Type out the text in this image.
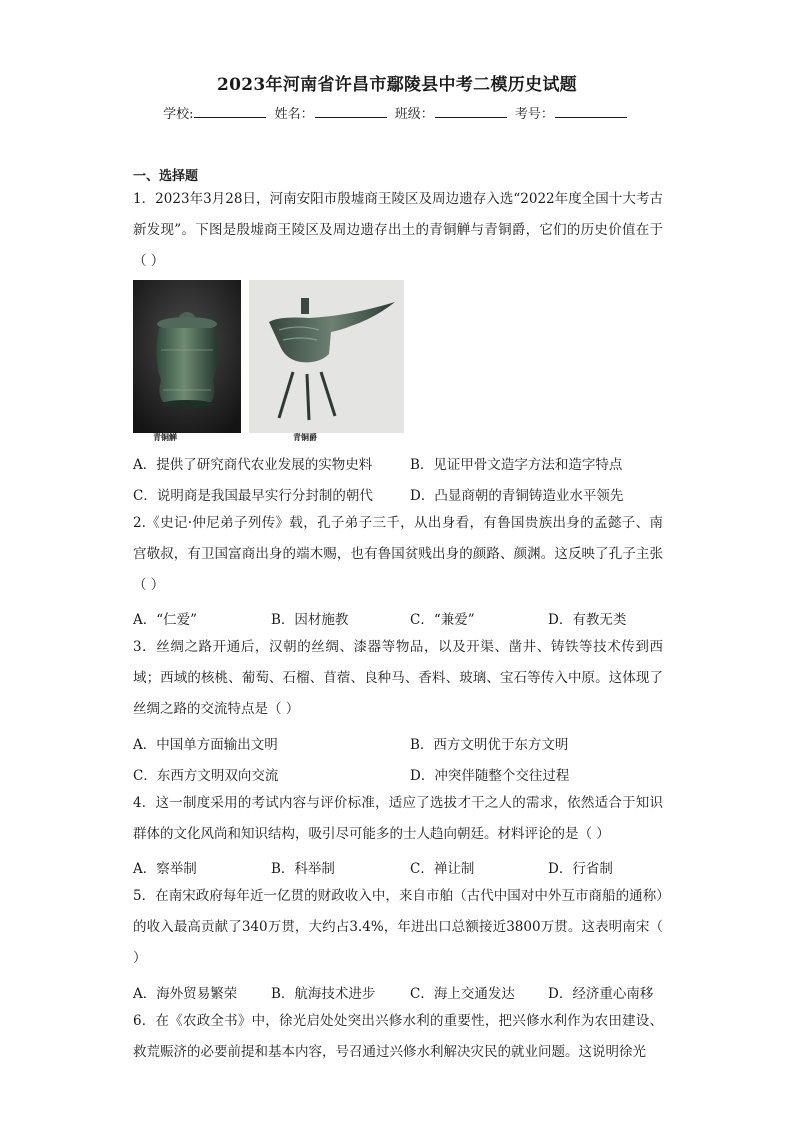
2023年河南省许昌市鄢陵县中考二模历史试题
学校:	姓名：	班级：	考号：
一、选择题
1．2023年3月28日，河南安阳市殷墟商王陵区及周边遗存入选“2022年度全国十大考古新发现”。下图是殷墟商王陵区及周边遗存出土的青铜觯与青铜爵，它们的历史价值在于（ ）
青铜觯	青铜爵
A．提供了研究商代农业发展的实物史料	B．见证甲骨文造字方法和造字特点
C．说明商是我国最早实行分封制的朝代	D．凸显商朝的青铜铸造业水平领先
2.《史记·仲尼弟子列传》载，孔子弟子三千，从出身看，有鲁国贵族出身的孟懿子、南宫敬叔，有卫国富商出身的端木赐，也有鲁国贫贱出身的颜路、颜渊。这反映了孔子主张（ ）
A．“仁爱”	B．因材施教	C．“兼爱”	D．有教无类
3．丝绸之路开通后，汉朝的丝绸、漆器等物品，以及开渠、凿井、铸铁等技术传到西域；西域的核桃、葡萄、石榴、苜蓿、良种马、香料、玻璃、宝石等传入中原。这体现了丝绸之路的交流特点是（ ）
A．中国单方面输出文明	B．西方文明优于东方文明
C．东西方文明双向交流	D．冲突伴随整个交往过程
4．这一制度采用的考试内容与评价标准，适应了选拔才干之人的需求，依然适合于知识群体的文化风尚和知识结构，吸引尽可能多的士人趋向朝廷。材料评论的是（ ）
A．察举制	B．科举制	C．禅让制	D．行省制
5．在南宋政府每年近一亿贯的财政收入中，来自市舶（古代中国对中外互市商船的通称）的收入最高贡献了340万贯，大约占3.4%，年进出口总额接近3800万贯。这表明南宋（ ）
A．海外贸易繁荣	B．航海技术进步	C．海上交通发达 D．经济重心南移
6．在《农政全书》中，徐光启处处突出兴修水利的重要性，把兴修水利作为农田建设、救荒赈济的必要前提和基本内容，号召通过兴修水利解决灾民的就业问题。这说明徐光
